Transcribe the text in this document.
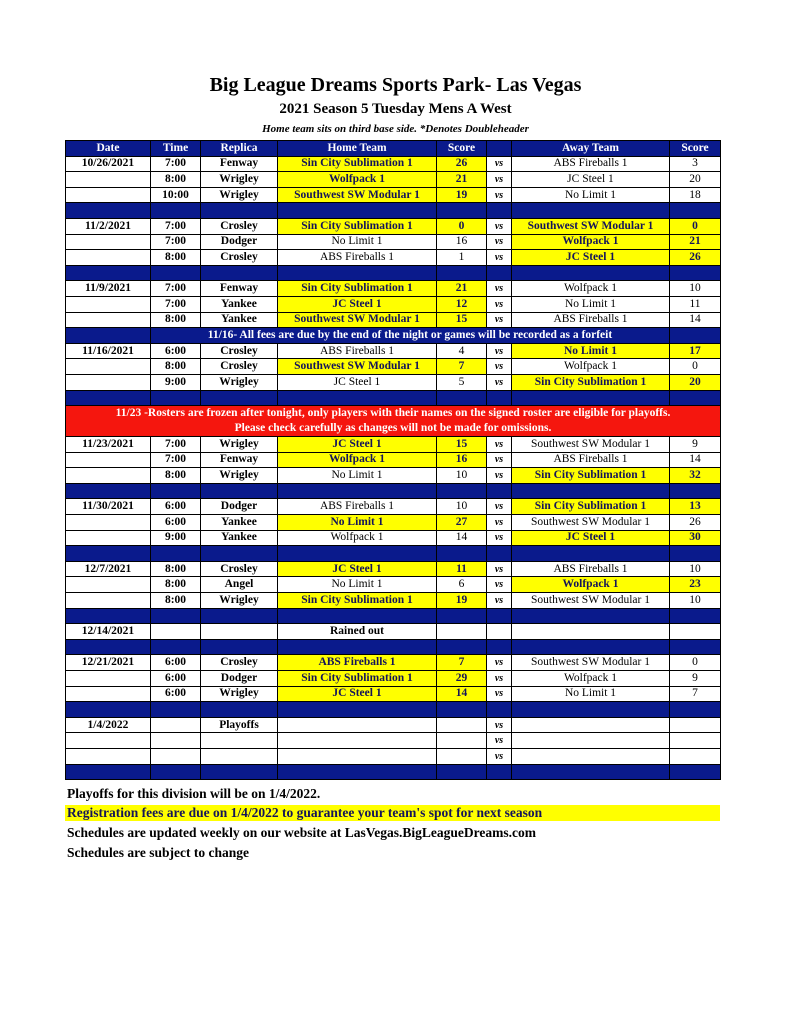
Big League Dreams Sports Park- Las Vegas
2021 Season 5 Tuesday Mens A West
Home team sits on third base side. *Denotes Doubleheader
Date	Time	Replica	Home Team	Score		Away Team	Score
10/26/2021	7:00	Fenway	Sin City Sublimation 1	26	vs	ABS Fireballs 1	3
	8:00	Wrigley	Wolfpack 1	21	vs	JC Steel 1	20
	10:00	Wrigley	Southwest SW Modular 1	19	vs	No Limit 1	18

11/2/2021	7:00	Crosley	Sin City Sublimation 1	0	vs	Southwest SW Modular 1	0
	7:00	Dodger	No Limit 1	16	vs	Wolfpack 1	21
	8:00	Crosley	ABS Fireballs 1	1	vs	JC Steel 1	26

11/9/2021	7:00	Fenway	Sin City Sublimation 1	21	vs	Wolfpack 1	10
	7:00	Yankee	JC Steel 1	12	vs	No Limit 1	11
	8:00	Yankee	Southwest SW Modular 1	15	vs	ABS Fireballs 1	14
	11/16- All fees are due by the end of the night or games will be recorded as a forfeit						
11/16/2021	6:00	Crosley	ABS Fireballs 1	4	vs	No Limit 1	17
	8:00	Crosley	Southwest SW Modular 1	7	vs	Wolfpack 1	0
	9:00	Wrigley	JC Steel 1	5	vs	Sin City Sublimation 1	20

11/23 -Rosters are frozen after tonight, only players with their names on the signed roster are eligible for playoffs.
Please check carefully as changes will not be made for omissions.							

11/23/2021	7:00	Wrigley	JC Steel 1	15	vs	Southwest SW Modular 1	9
	7:00	Fenway	Wolfpack 1	16	vs	ABS Fireballs 1	14
	8:00	Wrigley	No Limit 1	10	vs	Sin City Sublimation 1	32

11/30/2021	6:00	Dodger	ABS Fireballs 1	10	vs	Sin City Sublimation 1	13
	6:00	Yankee	No Limit 1	27	vs	Southwest SW Modular 1	26
	9:00	Yankee	Wolfpack 1	14	vs	JC Steel 1	30

12/7/2021	8:00	Crosley	JC Steel 1	11	vs	ABS Fireballs 1	10
	8:00	Angel	No Limit 1	6	vs	Wolfpack 1	23
	8:00	Wrigley	Sin City Sublimation 1	19	vs	Southwest SW Modular 1	10

12/14/2021			Rained out				

12/21/2021	6:00	Crosley	ABS Fireballs 1	7	vs	Southwest SW Modular 1	0
	6:00	Dodger	Sin City Sublimation 1	29	vs	Wolfpack 1	9
	6:00	Wrigley	JC Steel 1	14	vs	No Limit 1	7

1/4/2022		Playoffs			vs		
					vs		
					vs		

Playoffs for this division will be on 1/4/2022.
Registration fees are due on 1/4/2022 to guarantee your team's spot for next season
Schedules are updated weekly on our website at LasVegas.BigLeagueDreams.com
Schedules are subject to change
